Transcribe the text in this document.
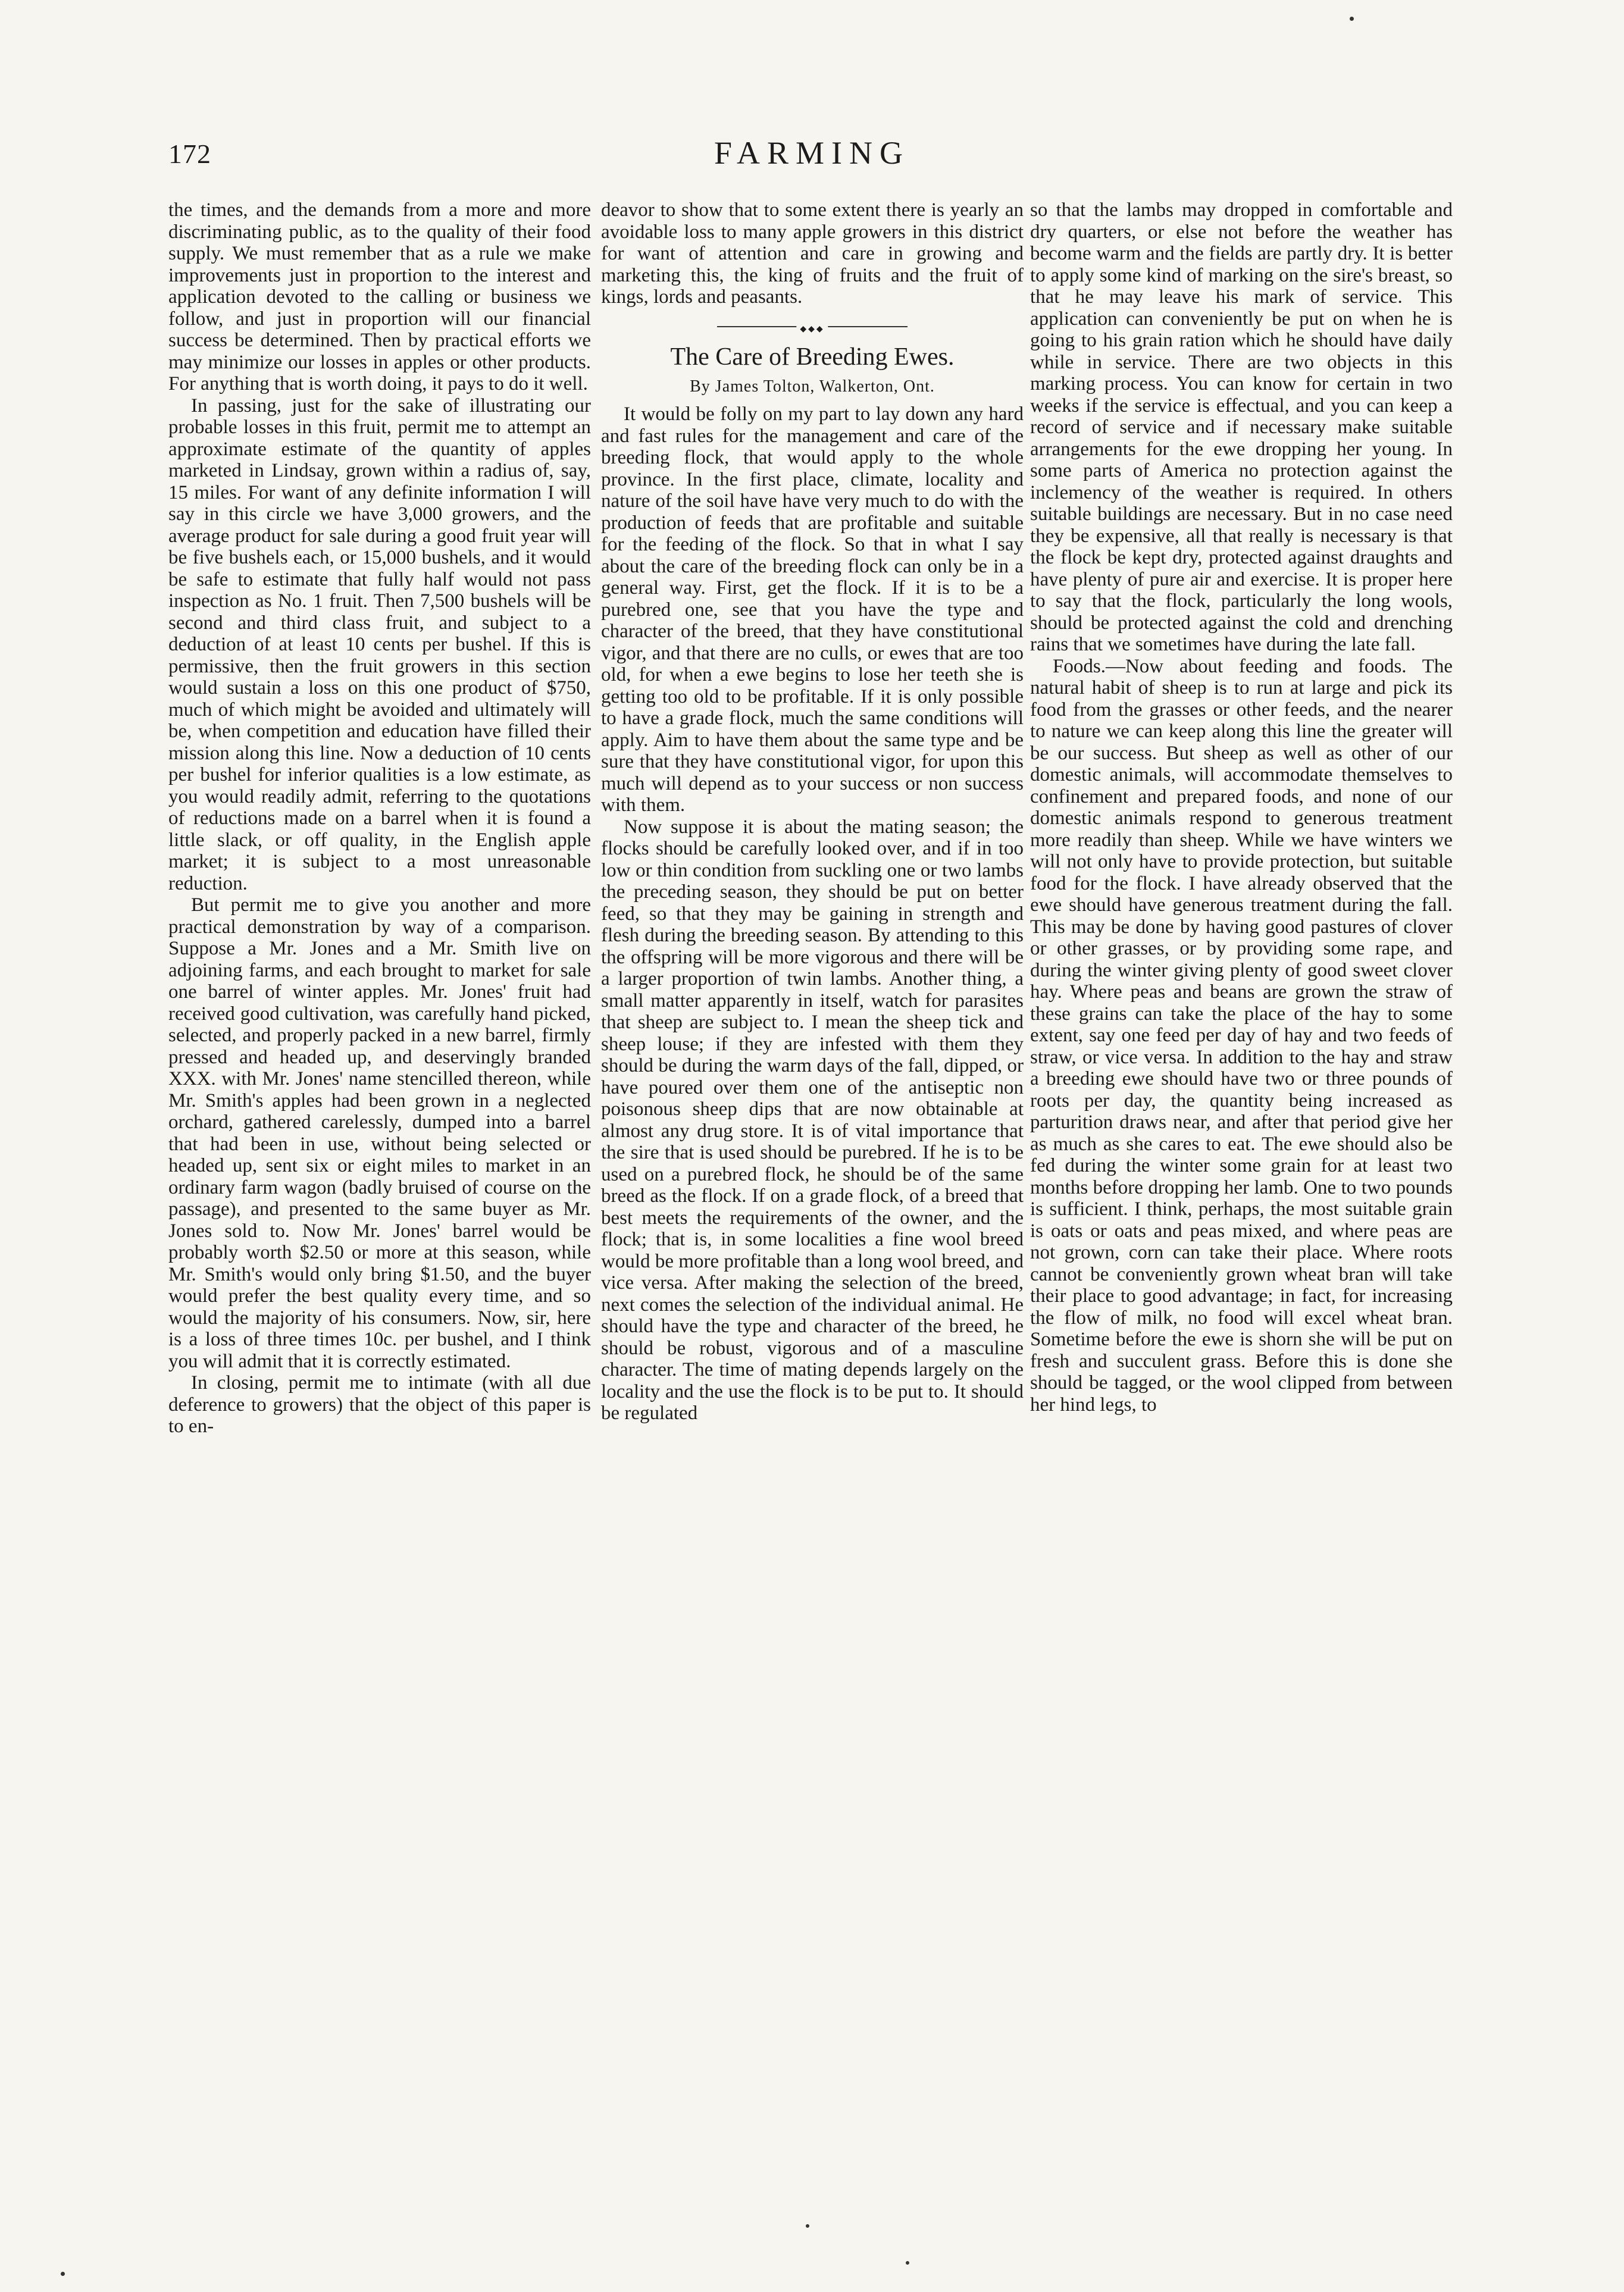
172	FARMING

the times, and the demands from a more and more discriminating public, as to the quality of their food supply. We must remember that as a rule we make improvements just in proportion to the interest and application devoted to the calling or business we follow, and just in proportion will our financial success be determined. Then by practical efforts we may minimize our losses in apples or other products. For anything that is worth doing, it pays to do it well.

In passing, just for the sake of illustrating our probable losses in this fruit, permit me to attempt an approximate estimate of the quantity of apples marketed in Lindsay, grown within a radius of, say, 15 miles. For want of any definite information I will say in this circle we have 3,000 growers, and the average product for sale during a good fruit year will be five bushels each, or 15,000 bushels, and it would be safe to estimate that fully half would not pass inspection as No. 1 fruit. Then 7,500 bushels will be second and third class fruit, and subject to a deduction of at least 10 cents per bushel. If this is permissive, then the fruit growers in this section would sustain a loss on this one product of $750, much of which might be avoided and ultimately will be, when competition and education have filled their mission along this line. Now a deduction of 10 cents per bushel for inferior qualities is a low estimate, as you would readily admit, referring to the quotations of reductions made on a barrel when it is found a little slack, or off quality, in the English apple market; it is subject to a most unreasonable reduction.

But permit me to give you another and more practical demonstration by way of a comparison. Suppose a Mr. Jones and a Mr. Smith live on adjoining farms, and each brought to market for sale one barrel of winter apples. Mr. Jones' fruit had received good cultivation, was carefully hand picked, selected, and properly packed in a new barrel, firmly pressed and headed up, and deservingly branded XXX. with Mr. Jones' name stencilled thereon, while Mr. Smith's apples had been grown in a neglected orchard, gathered carelessly, dumped into a barrel that had been in use, without being selected or headed up, sent six or eight miles to market in an ordinary farm wagon (badly bruised of course on the passage), and presented to the same buyer as Mr. Jones sold to. Now Mr. Jones' barrel would be probably worth $2.50 or more at this season, while Mr. Smith's would only bring $1.50, and the buyer would prefer the best quality every time, and so would the majority of his consumers. Now, sir, here is a loss of three times 10c. per bushel, and I think you will admit that it is correctly estimated.

In closing, permit me to intimate (with all due deference to growers) that the object of this paper is to en-

deavor to show that to some extent there is yearly an avoidable loss to many apple growers in this district for want of attention and care in growing and marketing this, the king of fruits and the fruit of kings, lords and peasants.

◆◆◆
The Care of Breeding Ewes.
By James Tolton, Walkerton, Ont.

It would be folly on my part to lay down any hard and fast rules for the management and care of the breeding flock, that would apply to the whole province. In the first place, climate, locality and nature of the soil have have very much to do with the production of feeds that are profitable and suitable for the feeding of the flock. So that in what I say about the care of the breeding flock can only be in a general way. First, get the flock. If it is to be a purebred one, see that you have the type and character of the breed, that they have constitutional vigor, and that there are no culls, or ewes that are too old, for when a ewe begins to lose her teeth she is getting too old to be profitable. If it is only possible to have a grade flock, much the same conditions will apply. Aim to have them about the same type and be sure that they have constitutional vigor, for upon this much will depend as to your success or non success with them.

Now suppose it is about the mating season; the flocks should be carefully looked over, and if in too low or thin condition from suckling one or two lambs the preceding season, they should be put on better feed, so that they may be gaining in strength and flesh during the breeding season. By attending to this the offspring will be more vigorous and there will be a larger proportion of twin lambs. Another thing, a small matter apparently in itself, watch for parasites that sheep are subject to. I mean the sheep tick and sheep louse; if they are infested with them they should be during the warm days of the fall, dipped, or have poured over them one of the antiseptic non poisonous sheep dips that are now obtainable at almost any drug store. It is of vital importance that the sire that is used should be purebred. If he is to be used on a purebred flock, he should be of the same breed as the flock. If on a grade flock, of a breed that best meets the requirements of the owner, and the flock; that is, in some localities a fine wool breed would be more profitable than a long wool breed, and vice versa. After making the selection of the breed, next comes the selection of the individual animal. He should have the type and character of the breed, he should be robust, vigorous and of a masculine character. The time of mating depends largely on the locality and the use the flock is to be put to. It should be regulated

so that the lambs may dropped in comfortable and dry quarters, or else not before the weather has become warm and the fields are partly dry. It is better to apply some kind of marking on the sire's breast, so that he may leave his mark of service. This application can conveniently be put on when he is going to his grain ration which he should have daily while in service. There are two objects in this marking process. You can know for certain in two weeks if the service is effectual, and you can keep a record of service and if necessary make suitable arrangements for the ewe dropping her young. In some parts of America no protection against the inclemency of the weather is required. In others suitable buildings are necessary. But in no case need they be expensive, all that really is necessary is that the flock be kept dry, protected against draughts and have plenty of pure air and exercise. It is proper here to say that the flock, particularly the long wools, should be protected against the cold and drenching rains that we sometimes have during the late fall.

Foods.—Now about feeding and foods. The natural habit of sheep is to run at large and pick its food from the grasses or other feeds, and the nearer to nature we can keep along this line the greater will be our success. But sheep as well as other of our domestic animals, will accommodate themselves to confinement and prepared foods, and none of our domestic animals respond to generous treatment more readily than sheep. While we have winters we will not only have to provide protection, but suitable food for the flock. I have already observed that the ewe should have generous treatment during the fall. This may be done by having good pastures of clover or other grasses, or by providing some rape, and during the winter giving plenty of good sweet clover hay. Where peas and beans are grown the straw of these grains can take the place of the hay to some extent, say one feed per day of hay and two feeds of straw, or vice versa. In addition to the hay and straw a breeding ewe should have two or three pounds of roots per day, the quantity being increased as parturition draws near, and after that period give her as much as she cares to eat. The ewe should also be fed during the winter some grain for at least two months before dropping her lamb. One to two pounds is sufficient. I think, perhaps, the most suitable grain is oats or oats and peas mixed, and where peas are not grown, corn can take their place. Where roots cannot be conveniently grown wheat bran will take their place to good advantage; in fact, for increasing the flow of milk, no food will excel wheat bran. Sometime before the ewe is shorn she will be put on fresh and succulent grass. Before this is done she should be tagged, or the wool clipped from between her hind legs, to
